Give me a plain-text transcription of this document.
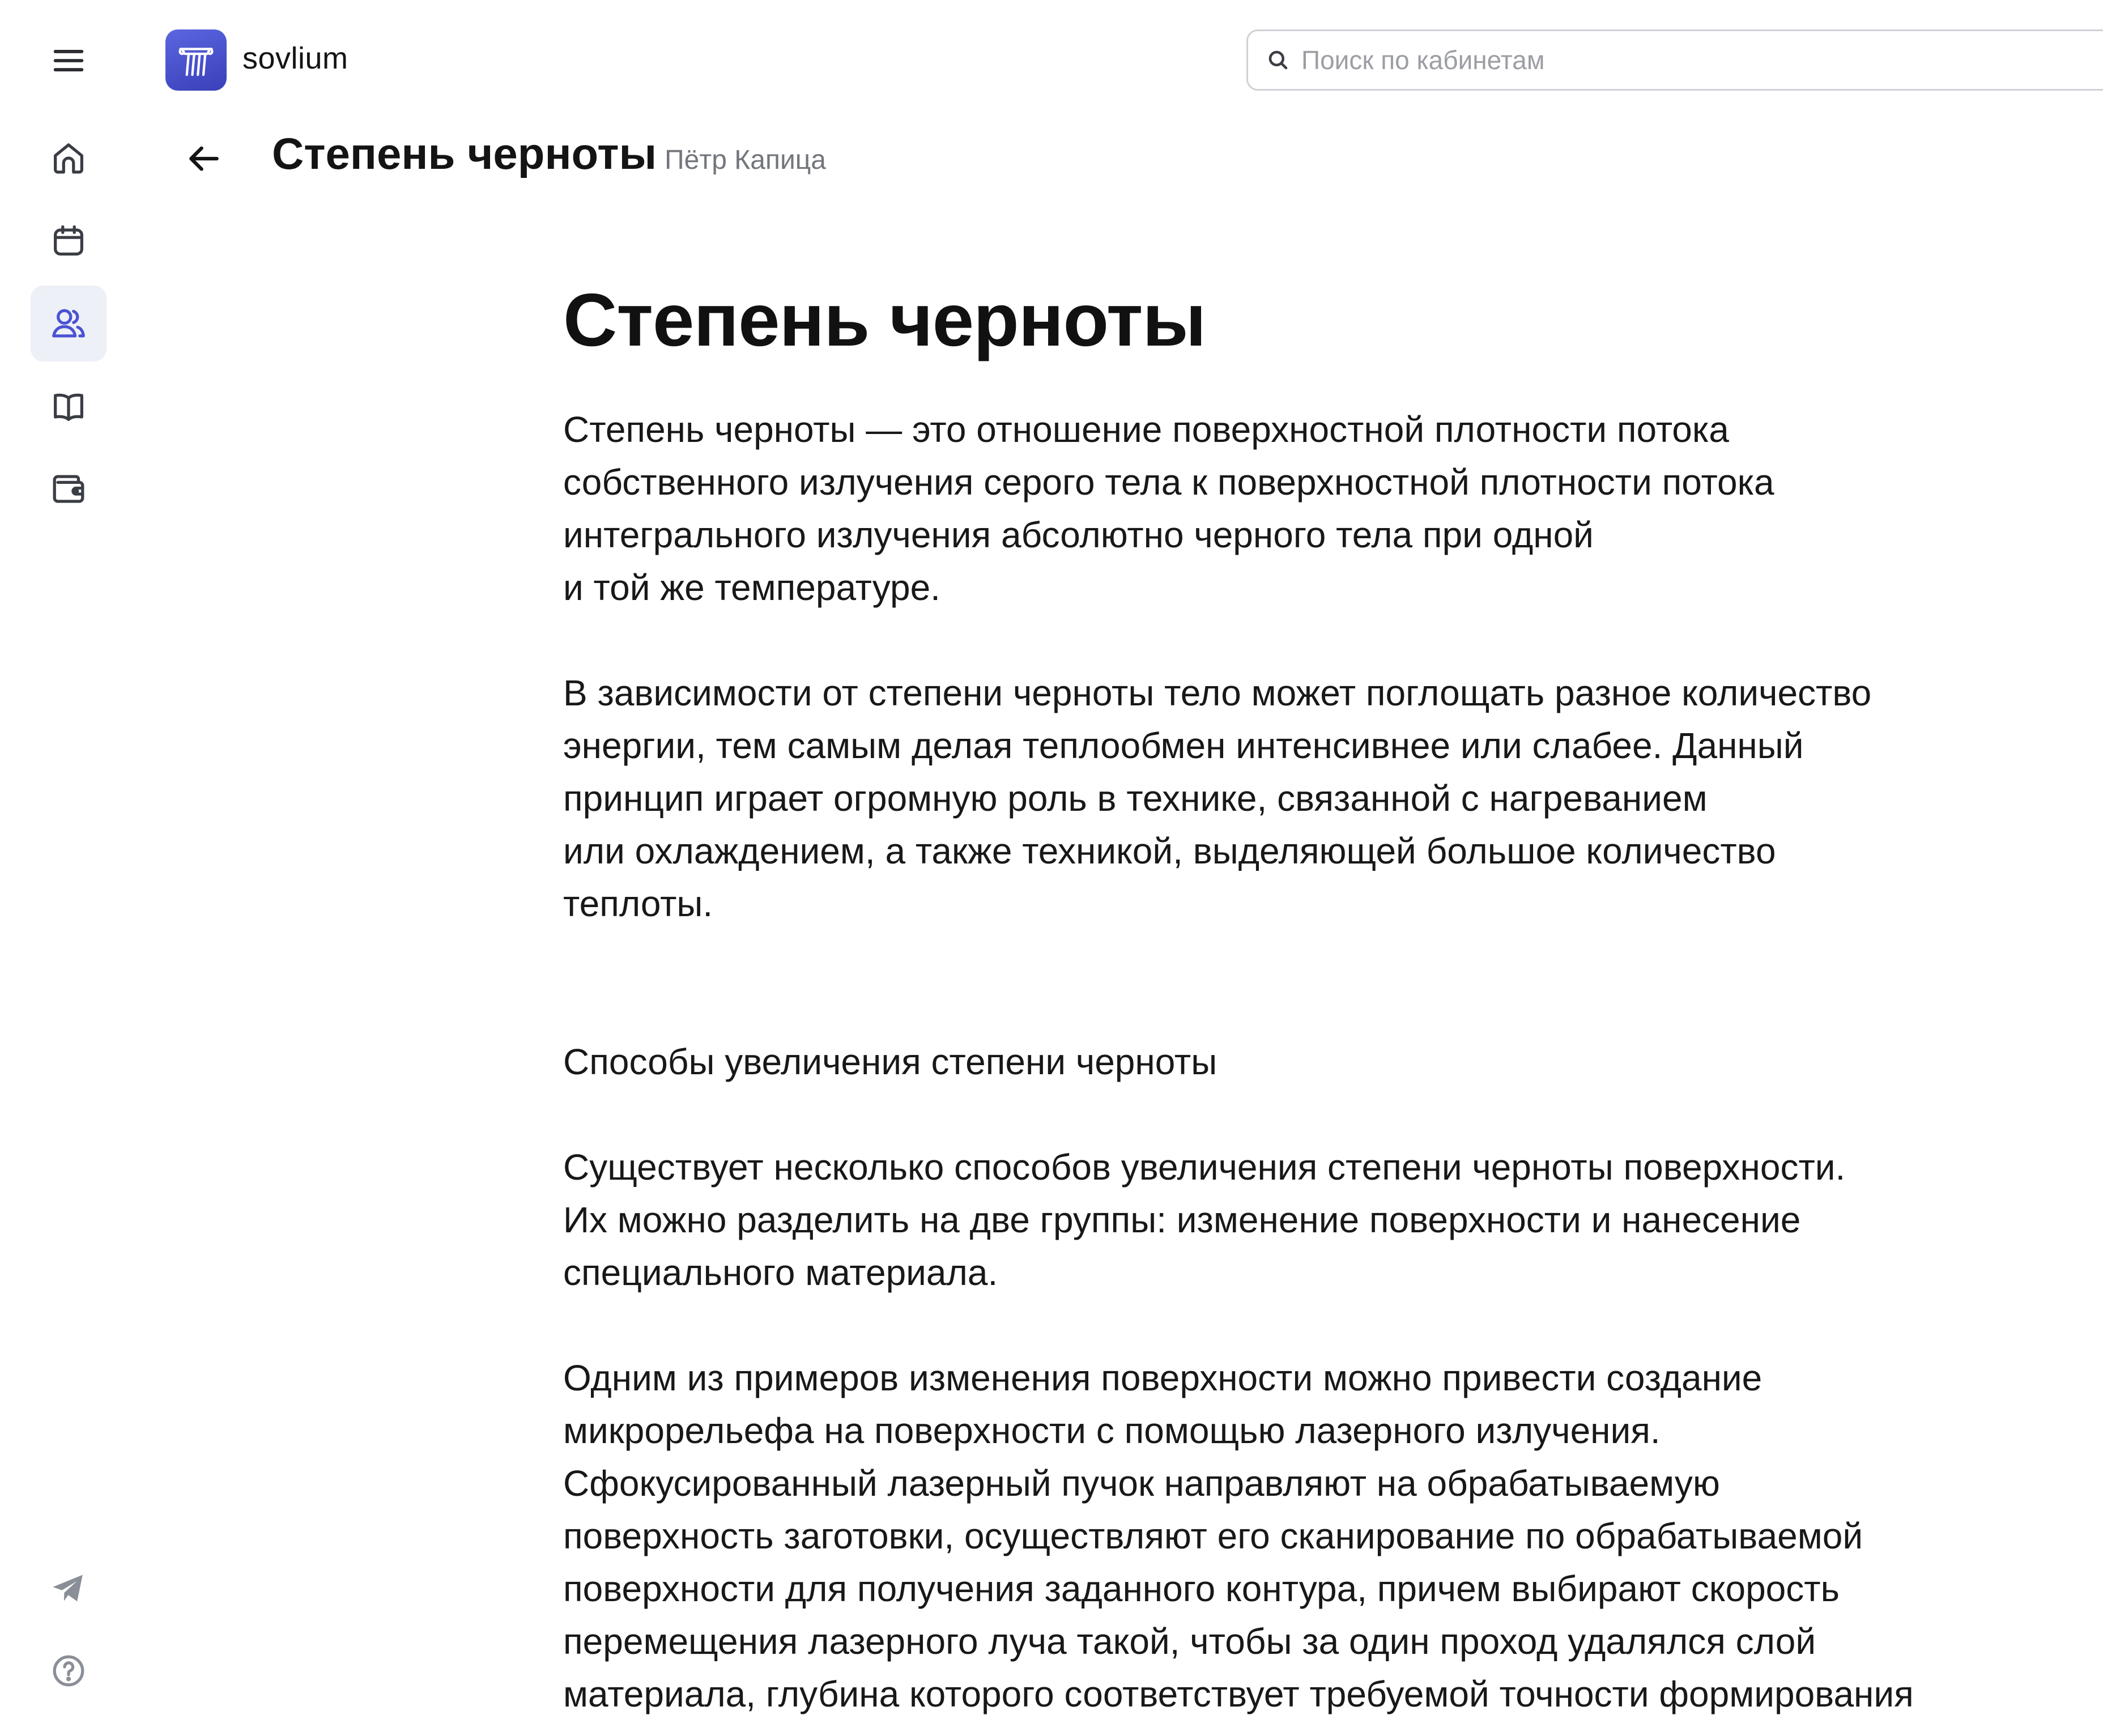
sovlium
Поиск по кабинетам
Степень черноты Пётр Капица
Степень черноты

Степень черноты — это отношение поверхностной плотности потока
собственного излучения серого тела к поверхностной плотности потока
интегрального излучения абсолютно черного тела при одной
и той же температуре.

В зависимости от степени черноты тело может поглощать разное количество
энергии, тем самым делая теплообмен интенсивнее или слабее. Данный
принцип играет огромную роль в технике, связанной с нагреванием
или охлаждением, а также техникой, выделяющей большое количество
теплоты.

Способы увеличения степени черноты

Существует несколько способов увеличения степени черноты поверхности.
Их можно разделить на две группы: изменение поверхности и нанесение
специального материала.

Одним из примеров изменения поверхности можно привести создание
микрорельефа на поверхности с помощью лазерного излучения.
Сфокусированный лазерный пучок направляют на обрабатываемую
поверхность заготовки, осуществляют его сканирование по обрабатываемой
поверхности для получения заданного контура, причем выбирают скорость
перемещения лазерного луча такой, чтобы за один проход удалялся слой
материала, глубина которого соответствует требуемой точности формирования
